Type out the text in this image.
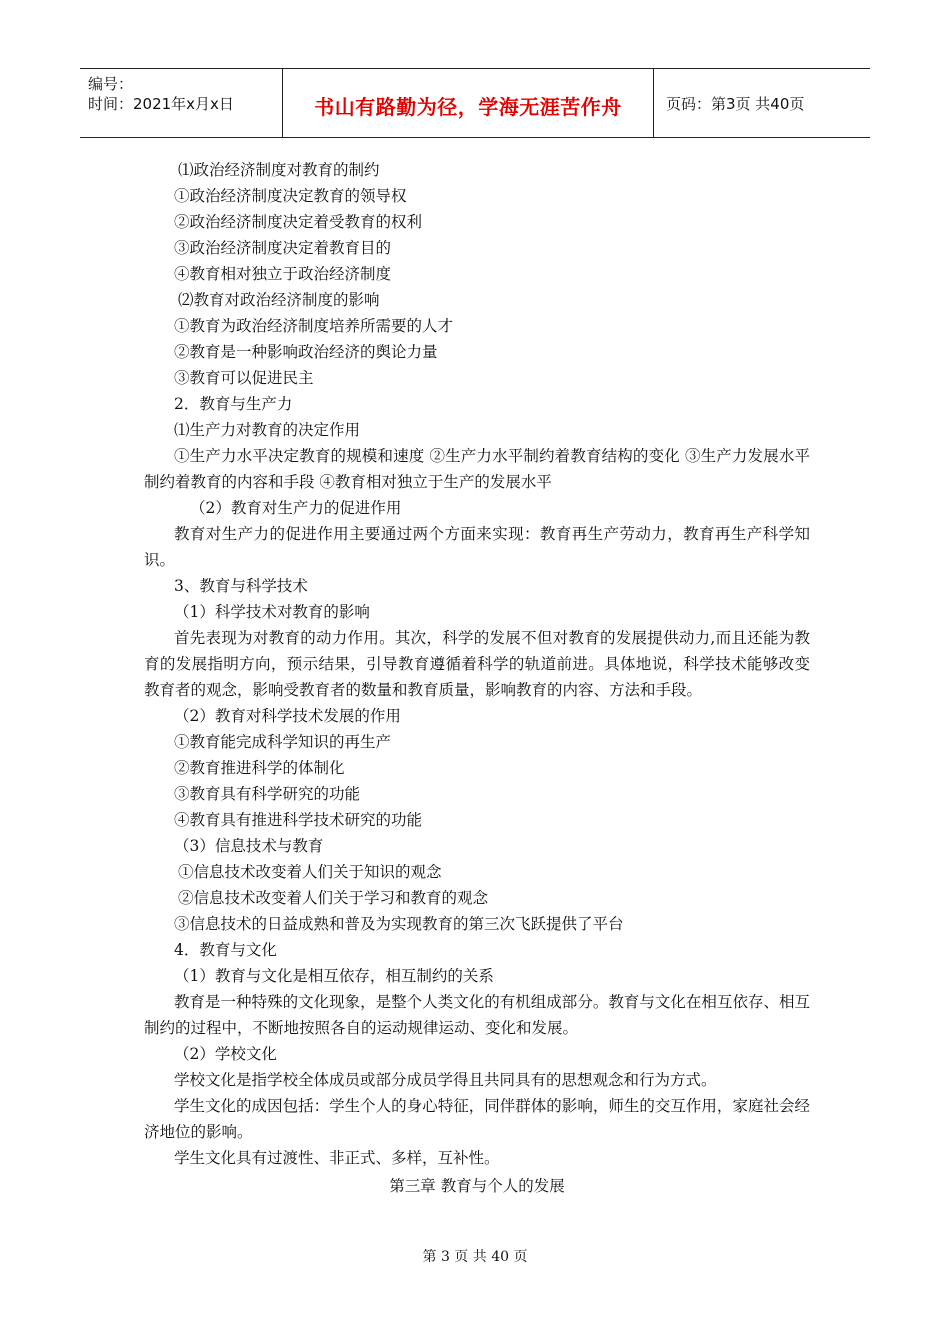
编号：
时间：2021年x月x日	书山有路勤为径，学海无涯苦作舟	页码：第3页 共40页
⑴政治经济制度对教育的制约
①政治经济制度决定教育的领导权
②政治经济制度决定着受教育的权利
③政治经济制度决定着教育目的
④教育相对独立于政治经济制度
⑵教育对政治经济制度的影响
①教育为政治经济制度培养所需要的人才
②教育是一种影响政治经济的舆论力量
③教育可以促进民主
2．教育与生产力
⑴生产力对教育的决定作用
①生产力水平决定教育的规模和速度 ②生产力水平制约着教育结构的变化 ③生产力发展水平制约着教育的内容和手段 ④教育相对独立于生产的发展水平
（2）教育对生产力的促进作用
教育对生产力的促进作用主要通过两个方面来实现：教育再生产劳动力，教育再生产科学知识。
3、教育与科学技术
（1）科学技术对教育的影响
首先表现为对教育的动力作用。其次，科学的发展不但对教育的发展提供动力,而且还能为教育的发展指明方向，预示结果，引导教育遵循着科学的轨道前进。具体地说，科学技术能够改变教育者的观念，影响受教育者的数量和教育质量，影响教育的内容、方法和手段。
（2）教育对科学技术发展的作用
①教育能完成科学知识的再生产
②教育推进科学的体制化
③教育具有科学研究的功能
④教育具有推进科学技术研究的功能
（3）信息技术与教育
①信息技术改变着人们关于知识的观念
②信息技术改变着人们关于学习和教育的观念
③信息技术的日益成熟和普及为实现教育的第三次飞跃提供了平台
4．教育与文化
（1）教育与文化是相互依存，相互制约的关系
教育是一种特殊的文化现象，是整个人类文化的有机组成部分。教育与文化在相互依存、相互制约的过程中，不断地按照各自的运动规律运动、变化和发展。
（2）学校文化
学校文化是指学校全体成员或部分成员学得且共同具有的思想观念和行为方式。
学生文化的成因包括：学生个人的身心特征，同伴群体的影响，师生的交互作用，家庭社会经济地位的影响。
学生文化具有过渡性、非正式、多样，互补性。
第三章 教育与个人的发展
第 3 页 共 40 页
